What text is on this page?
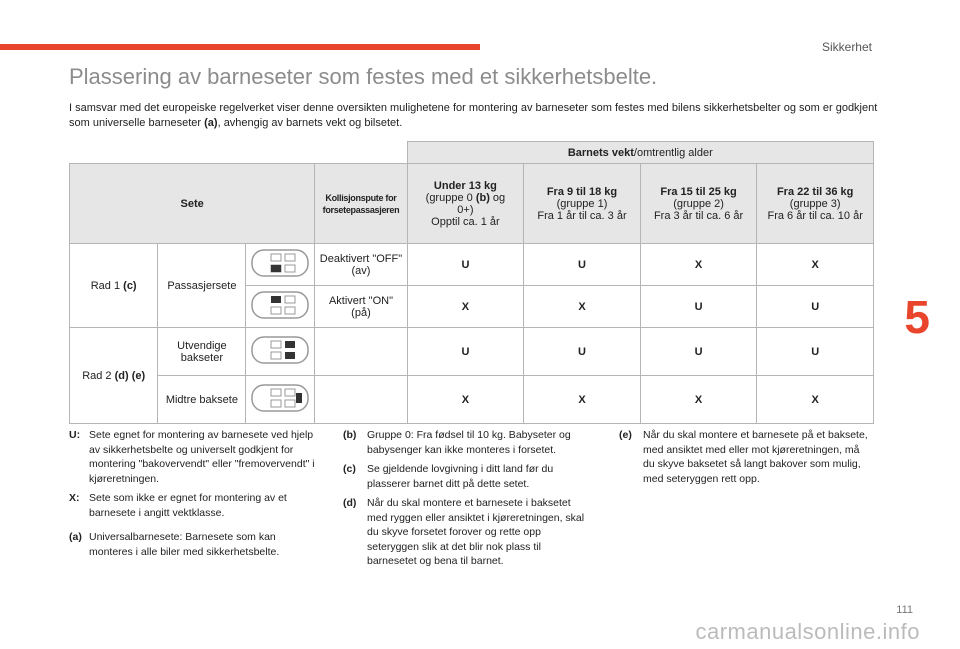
Sikkerhet
5
Plassering av barneseter som festes med et sikkerhetsbelte.
I samsvar med det europeiske regelverket viser denne oversikten mulighetene for montering av barneseter som festes med bilens sikkerhetsbelter og som er godkjent som universelle barneseter (a), avhengig av barnets vekt og bilsetet.
				Barnets vekt/omtrentlig alder			
Sete			Kollisjonspute for forsetepassasjeren	Under 13 kg
(gruppe 0 (b) og
0+)
Opptil ca. 1 år	Fra 9 til 18 kg
(gruppe 1)
Fra 1 år til ca. 3 år	Fra 15 til 25 kg
(gruppe 2)
Fra 3 år til ca. 6 år	Fra 22 til 36 kg
(gruppe 3)
Fra 6 år til ca. 10 år
Rad 1 (c)	Passasjersete		Deaktivert "OFF" (av)	U	U	X	X
	Aktivert "ON" (på)	X	X	U	U
Rad 2 (d) (e)	Utvendige bakseter			U	U	U	U
	Midtre baksete			X	X	X	X
U: Sete egnet for montering av barnesete ved hjelp av sikkerhetsbelte og universelt godkjent for montering "bakovervendt" eller "fremovervendt" i kjøreretningen.
X: Sete som ikke er egnet for montering av et barnesete i angitt vektklasse.
(a) Universalbarnesete: Barnesete som kan monteres i alle biler med sikkerhetsbelte.
(b)	Gruppe 0: Fra fødsel til 10 kg. Babyseter og babysenger kan ikke monteres i forsetet.
(c)	Se gjeldende lovgivning i ditt land før du plasserer barnet ditt på dette setet.
(d)	Når du skal montere et barnesete i baksetet med ryggen eller ansiktet i kjøreretningen, skal du skyve forsetet forover og rette opp seteryggen slik at det blir nok plass til barnesetet og bena til barnet.
(e)	Når du skal montere et barnesete på et baksete, med ansiktet med eller mot kjøreretningen, må du skyve baksetet så langt bakover som mulig, med seteryggen rett opp.
111
carmanualsonline.info
